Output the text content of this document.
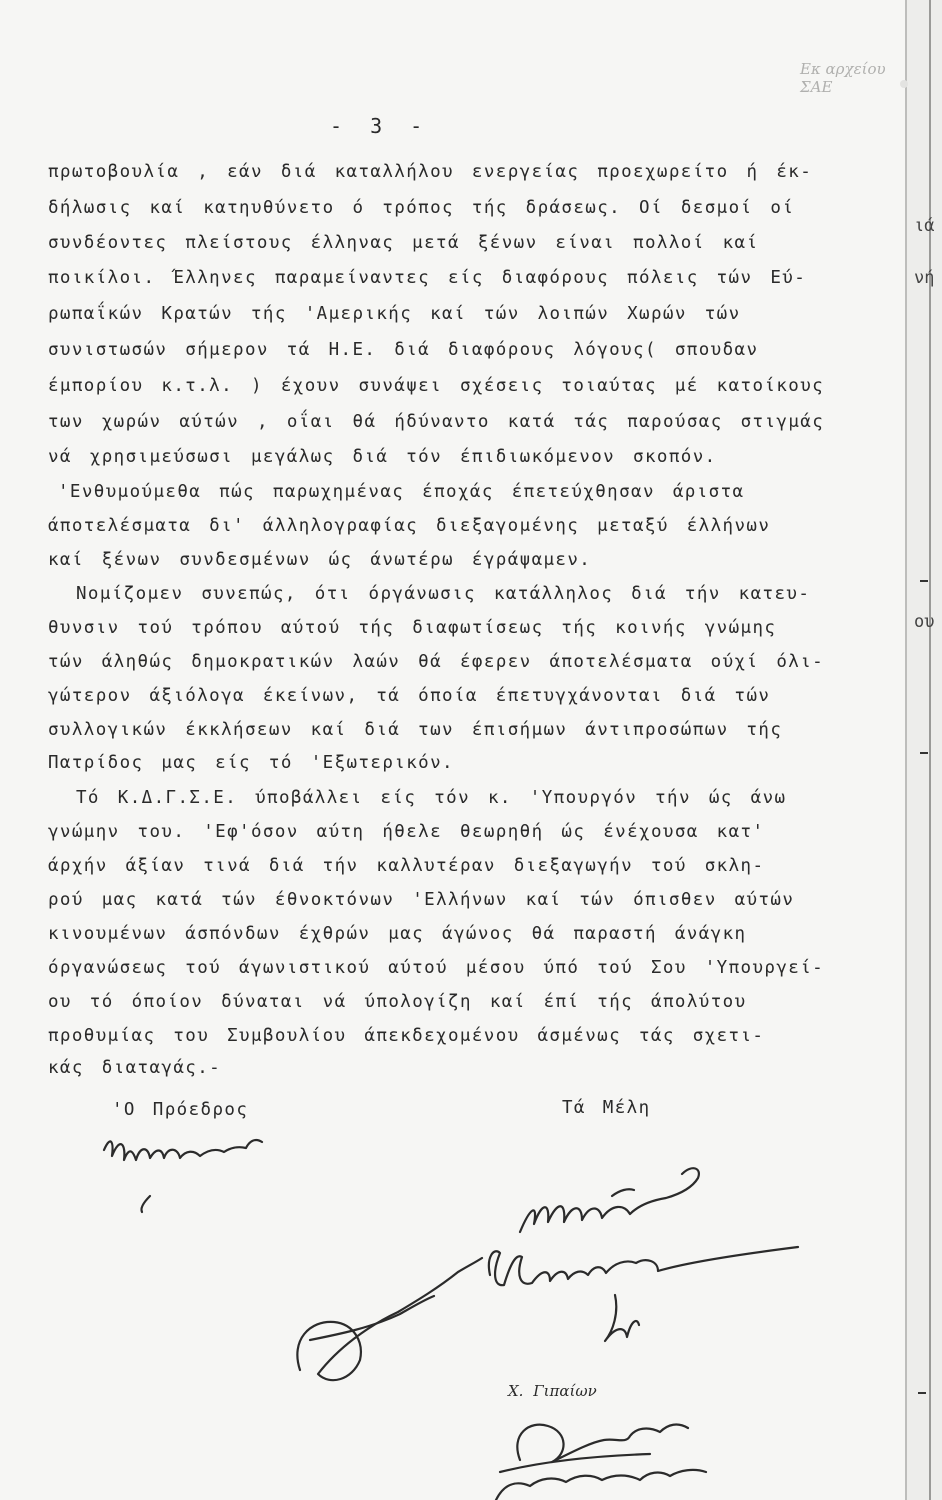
Εκ αρχείου ΣΑΕ
ιά
νή
ου
- 3 -
πρωτοβουλία , εάν διά καταλλήλου ενεργείας προεχωρείτο ή έκ-
δήλωσις καί κατηυθύνετο ό τρόπος τής δράσεως. Οί δεσμοί οί
συνδέοντες πλείστους έλληνας μετά ξένων είναι πολλοί καί
ποικίλοι. Έλληνες παραμείναντες είς διαφόρους πόλεις τών Εύ-
ρωπαΐκών Κρατών τής 'Αμερικής καί τών λοιπών Χωρών τών
συνιστωσών σήμερον τά Η.Ε. διά διαφόρους λόγους( σπουδαν
έμπορίου κ.τ.λ. ) έχουν συνάψει σχέσεις τοιαύτας μέ κατοίκους
των χωρών αύτών , οΐαι θά ήδύναντο κατά τάς παρούσας στιγμάς
νά χρησιμεύσωσι μεγάλως διά τόν έπιδιωκόμενον σκοπόν.
'Ενθυμούμεθα πώς παρωχημένας έποχάς έπετεύχθησαν άριστα
άποτελέσματα δι' άλληλογραφίας διεξαγομένης μεταξύ έλλήνων
καί ξένων συνδεσμένων ώς άνωτέρω έγράψαμεν.
Νομίζομεν συνεπώς, ότι όργάνωσις κατάλληλος διά τήν κατευ-
θυνσιν τού τρόπου αύτού τής διαφωτίσεως τής κοινής γνώμης
τών άληθώς δημοκρατικών λαών θά έφερεν άποτελέσματα ούχί όλι-
γώτερον άξιόλογα έκείνων, τά όποία έπετυγχάνονται διά τών
συλλογικών έκκλήσεων καί διά των έπισήμων άντιπροσώπων τής
Πατρίδος μας είς τό 'Εξωτερικόν.
Τό Κ.Δ.Γ.Σ.Ε. ύποβάλλει είς τόν κ. 'Υπουργόν τήν ώς άνω
γνώμην του. 'Εφ'όσον αύτη ήθελε θεωρηθή ώς ένέχουσα κατ'
άρχήν άξίαν τινά διά τήν καλλυτέραν διεξαγωγήν τού σκλη-
ρού μας κατά τών έθνοκτόνων 'Ελλήνων καί τών όπισθεν αύτών
κινουμένων άσπόνδων έχθρών μας άγώνος θά παραστή άνάγκη
όργανώσεως τού άγωνιστικού αύτού μέσου ύπό τού Σου 'Υπουργεί-
ου τό όποίον δύναται νά ύπολογίζη καί έπί τής άπολύτου
προθυμίας του Συμβουλίου άπεκδεχομένου άσμένως τάς σχετι-
κάς διαταγάς.-
'Ο Πρόεδρος	Τά Μέλη
Χ. Γιπαίων
